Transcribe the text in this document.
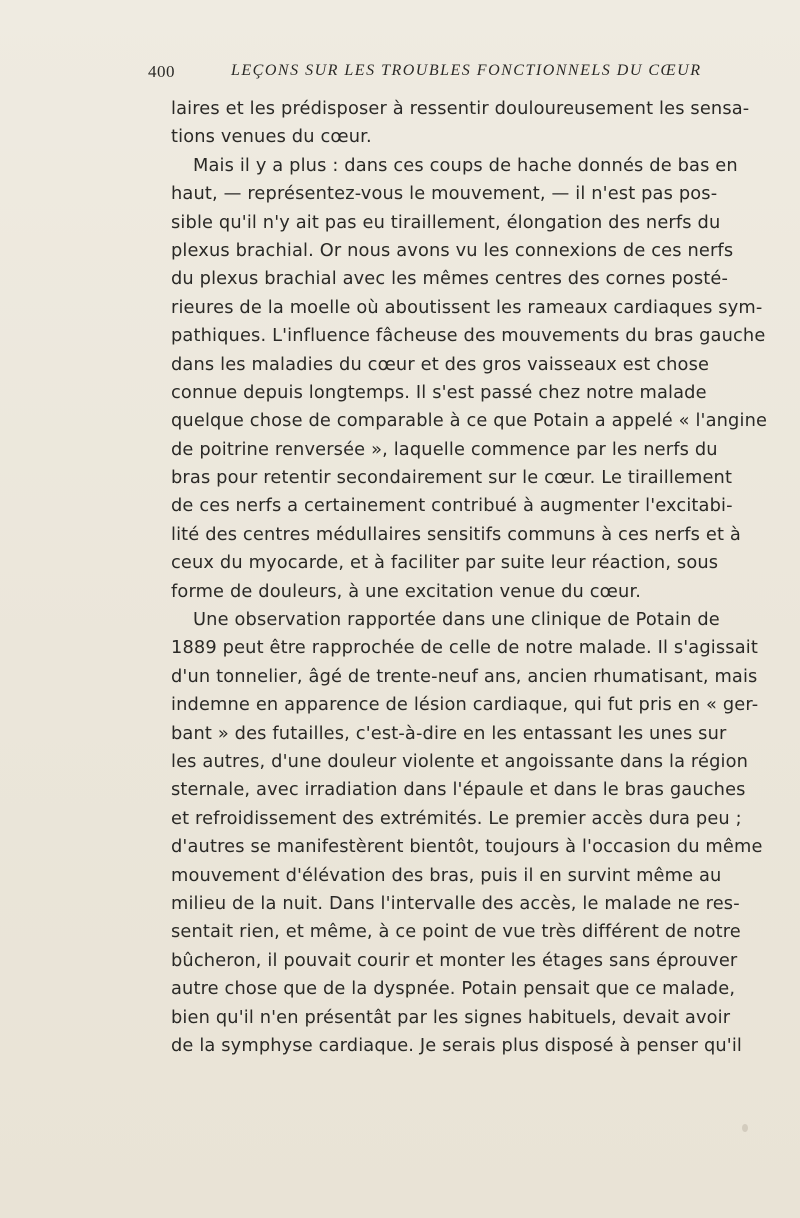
400	LEÇONS SUR LES TROUBLES FONCTIONNELS DU CŒUR
laires et les prédisposer à ressentir douloureusement les sensa-
tions venues du cœur.
Mais il y a plus : dans ces coups de hache donnés de bas en
haut, — représentez-vous le mouvement, — il n'est pas pos-
sible qu'il n'y ait pas eu tiraillement, élongation des nerfs du
plexus brachial. Or nous avons vu les connexions de ces nerfs
du plexus brachial avec les mêmes centres des cornes posté-
rieures de la moelle où aboutissent les rameaux cardiaques sym-
pathiques. L'influence fâcheuse des mouvements du bras gauche
dans les maladies du cœur et des gros vaisseaux est chose
connue depuis longtemps. Il s'est passé chez notre malade
quelque chose de comparable à ce que Potain a appelé « l'angine
de poitrine renversée », laquelle commence par les nerfs du
bras pour retentir secondairement sur le cœur. Le tiraillement
de ces nerfs a certainement contribué à augmenter l'excitabi-
lité des centres médullaires sensitifs communs à ces nerfs et à
ceux du myocarde, et à faciliter par suite leur réaction, sous
forme de douleurs, à une excitation venue du cœur.
Une observation rapportée dans une clinique de Potain de
1889 peut être rapprochée de celle de notre malade. Il s'agissait
d'un tonnelier, âgé de trente-neuf ans, ancien rhumatisant, mais
indemne en apparence de lésion cardiaque, qui fut pris en « ger-
bant » des futailles, c'est-à-dire en les entassant les unes sur
les autres, d'une douleur violente et angoissante dans la région
sternale, avec irradiation dans l'épaule et dans le bras gauches
et refroidissement des extrémités. Le premier accès dura peu ;
d'autres se manifestèrent bientôt, toujours à l'occasion du même
mouvement d'élévation des bras, puis il en survint même au
milieu de la nuit. Dans l'intervalle des accès, le malade ne res-
sentait rien, et même, à ce point de vue très différent de notre
bûcheron, il pouvait courir et monter les étages sans éprouver
autre chose que de la dyspnée. Potain pensait que ce malade,
bien qu'il n'en présentât par les signes habituels, devait avoir
de la symphyse cardiaque. Je serais plus disposé à penser qu'il
